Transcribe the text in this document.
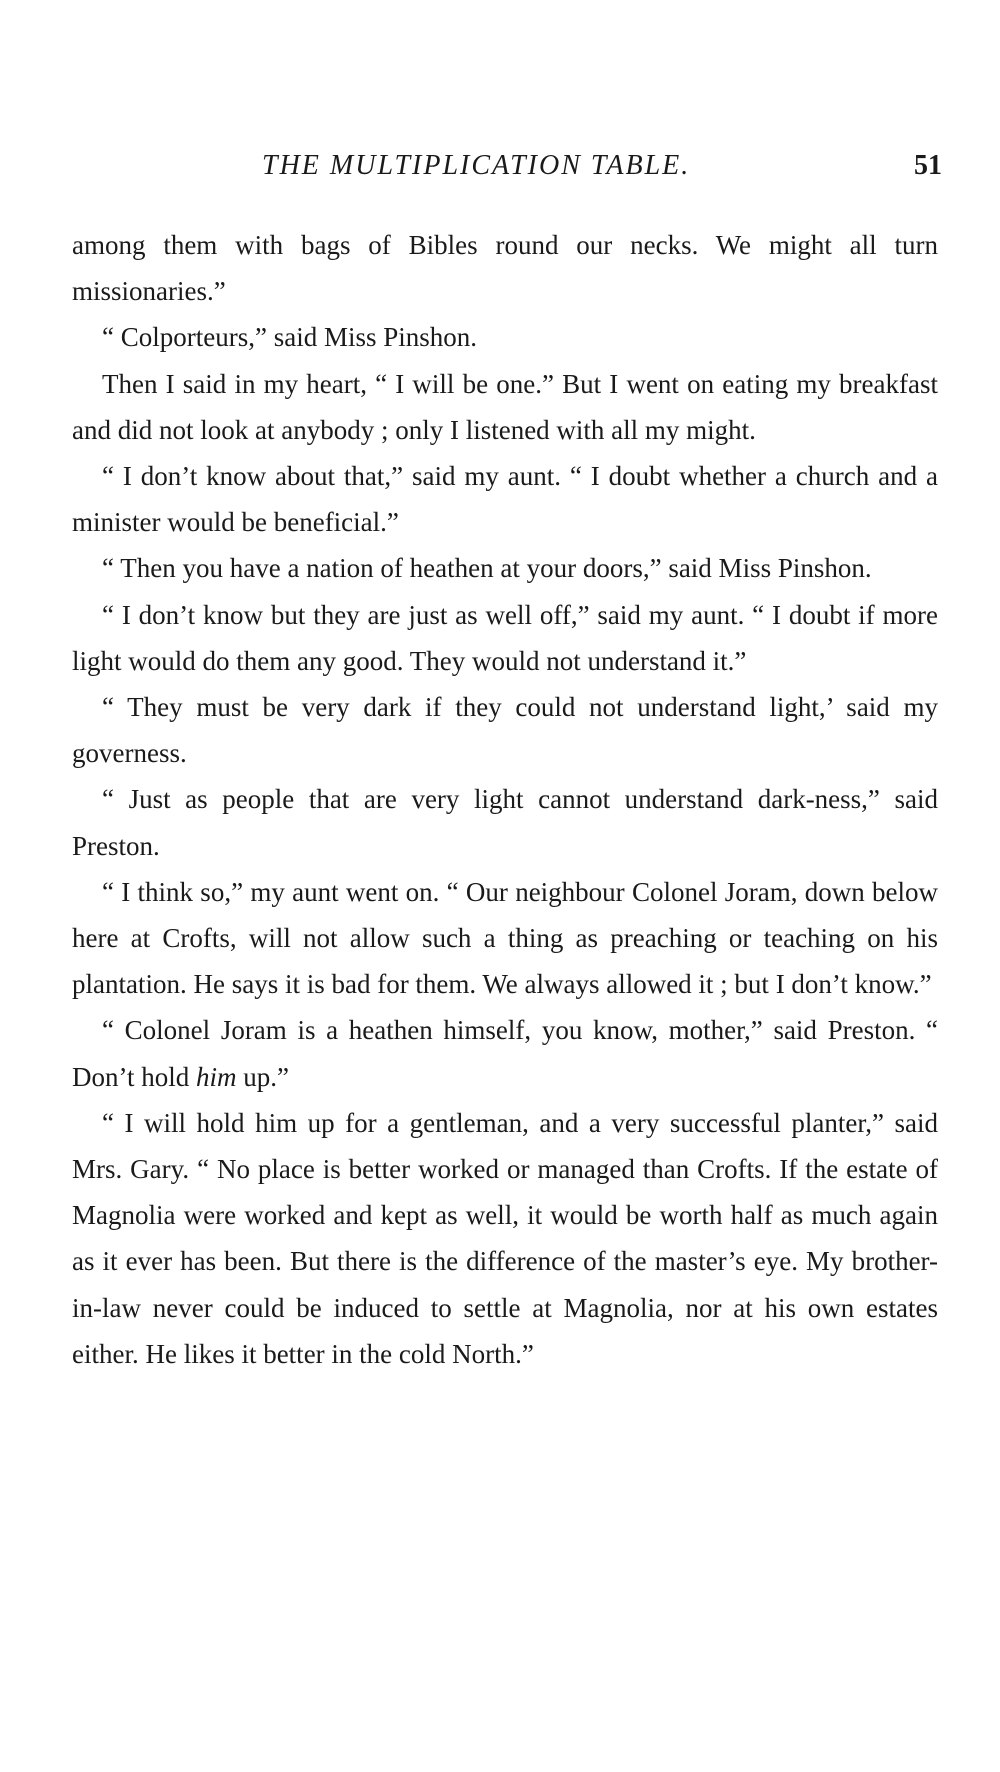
THE MULTIPLICATION TABLE.	51

among them with bags of Bibles round our necks. We might all turn missionaries.”

“ Colporteurs,” said Miss Pinshon.

Then I said in my heart, “ I will be one.” But I went on eating my breakfast and did not look at anybody ; only I listened with all my might.

“ I don’t know about that,” said my aunt. “ I doubt whether a church and a minister would be beneficial.”

“ Then you have a nation of heathen at your doors,” said Miss Pinshon.

“ I don’t know but they are just as well off,” said my aunt. “ I doubt if more light would do them any good. They would not understand it.”

“ They must be very dark if they could not understand light,’ said my governess.

“ Just as people that are very light cannot understand dark-ness,” said Preston.

“ I think so,” my aunt went on. “ Our neighbour Colonel Joram, down below here at Crofts, will not allow such a thing as preaching or teaching on his plantation. He says it is bad for them. We always allowed it ; but I don’t know.”

“ Colonel Joram is a heathen himself, you know, mother,” said Preston. “ Don’t hold him up.”

“ I will hold him up for a gentleman, and a very successful planter,” said Mrs. Gary. “ No place is better worked or managed than Crofts. If the estate of Magnolia were worked and kept as well, it would be worth half as much again as it ever has been. But there is the difference of the master’s eye. My brother-in-law never could be induced to settle at Magnolia, nor at his own estates either. He likes it better in the cold North.”
